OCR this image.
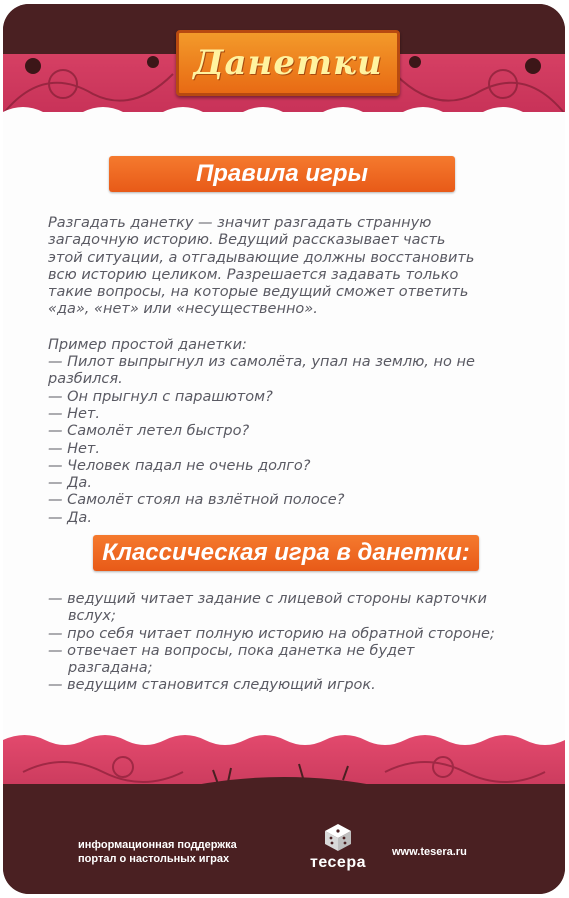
Данетки
Правила игры

Разгадать данетку — значит разгадать странную

загадочную историю. Ведущий рассказывает часть

этой ситуации, а отгадывающие должны восстановить

всю историю целиком. Разрешается задавать только

такие вопросы, на которые ведущий сможет ответить

«да», «нет» или «несущественно».

Пример простой данетки:

— Пилот выпрыгнул из самолёта, упал на землю, но не разбился.

— Он прыгнул с парашютом?

— Нет.

— Самолёт летел быстро?

— Нет.

— Человек падал не очень долго?

— Да.

— Самолёт стоял на взлётной полосе?

— Да.

Классическая игра в данетки:

— ведущий читает задание с лицевой стороны карточки
вслух;

— про себя читает полную историю на обратной стороне;

— отвечает на вопросы, пока данетка не будет
разгадана;

— ведущим становится следующий игрок.

информационная поддержка
портал о настольных играх	тесера
www.tesera.ru
